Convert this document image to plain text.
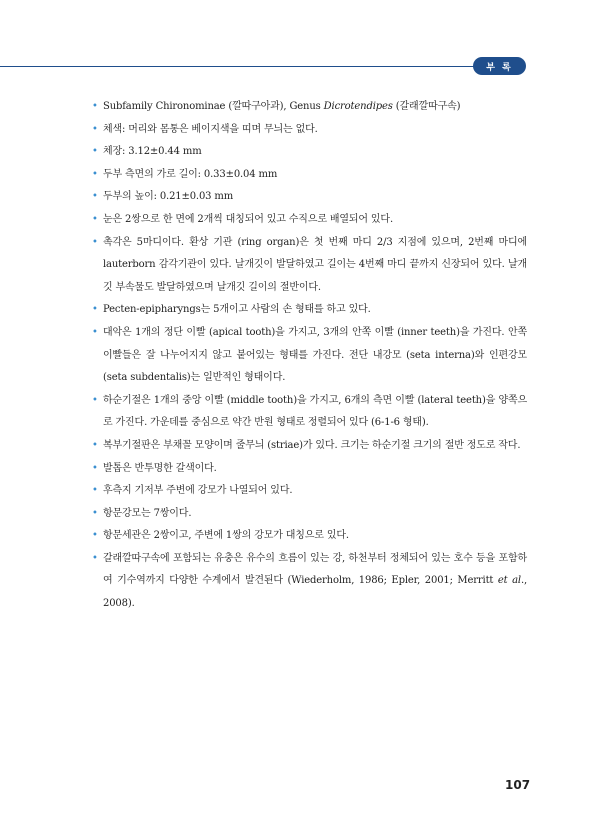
부 록
• Subfamily Chironominae (깔따구아과), Genus Dicrotendipes (갈래깔따구속)
• 체색: 머리와 몸통은 베이지색을 띠며 무늬는 없다.
• 체장: 3.12±0.44 mm
• 두부 측면의 가로 길이: 0.33±0.04 mm
• 두부의 높이: 0.21±0.03 mm
• 눈은 2쌍으로 한 면에 2개씩 대칭되어 있고 수직으로 배열되어 있다.
• 촉각은 5마디이다. 환상 기관 (ring organ)은 첫 번째 마디 2/3 지점에 있으며, 2번째 마디에 lauterborn 감각기관이 있다. 날개깃이 발달하였고 길이는 4번째 마디 끝까지 신장되어 있다. 날개깃 부속물도 발달하였으며 날개깃 길이의 절반이다.
• Pecten-epipharyngs는 5개이고 사람의 손 형태를 하고 있다.
• 대악은 1개의 정단 이빨 (apical tooth)을 가지고, 3개의 안쪽 이빨 (inner teeth)을 가진다. 안쪽 이빨들은 잘 나누어지지 않고 붙어있는 형태를 가진다. 전단 내강모 (seta interna)와 인편강모 (seta subdentalis)는 일반적인 형태이다.
• 하순기절은 1개의 중앙 이빨 (middle tooth)을 가지고, 6개의 측면 이빨 (lateral teeth)을 양쪽으로 가진다. 가운데를 중심으로 약간 반원 형태로 정렬되어 있다 (6-1-6 형태).
• 복부기절판은 부채꼴 모양이며 줄무늬 (striae)가 있다. 크기는 하순기절 크기의 절반 정도로 작다.
• 발톱은 반투명한 갈색이다.
• 후측지 기저부 주변에 강모가 나열되어 있다.
• 항문강모는 7쌍이다.
• 항문세관은 2쌍이고, 주변에 1쌍의 강모가 대칭으로 있다.
• 갈래깔따구속에 포함되는 유충은 유수의 흐름이 있는 강, 하천부터 정체되어 있는 호수 등을 포함하여 기수역까지 다양한 수계에서 발견된다 (Wiederholm, 1986; Epler, 2001; Merritt et al., 2008).
107
